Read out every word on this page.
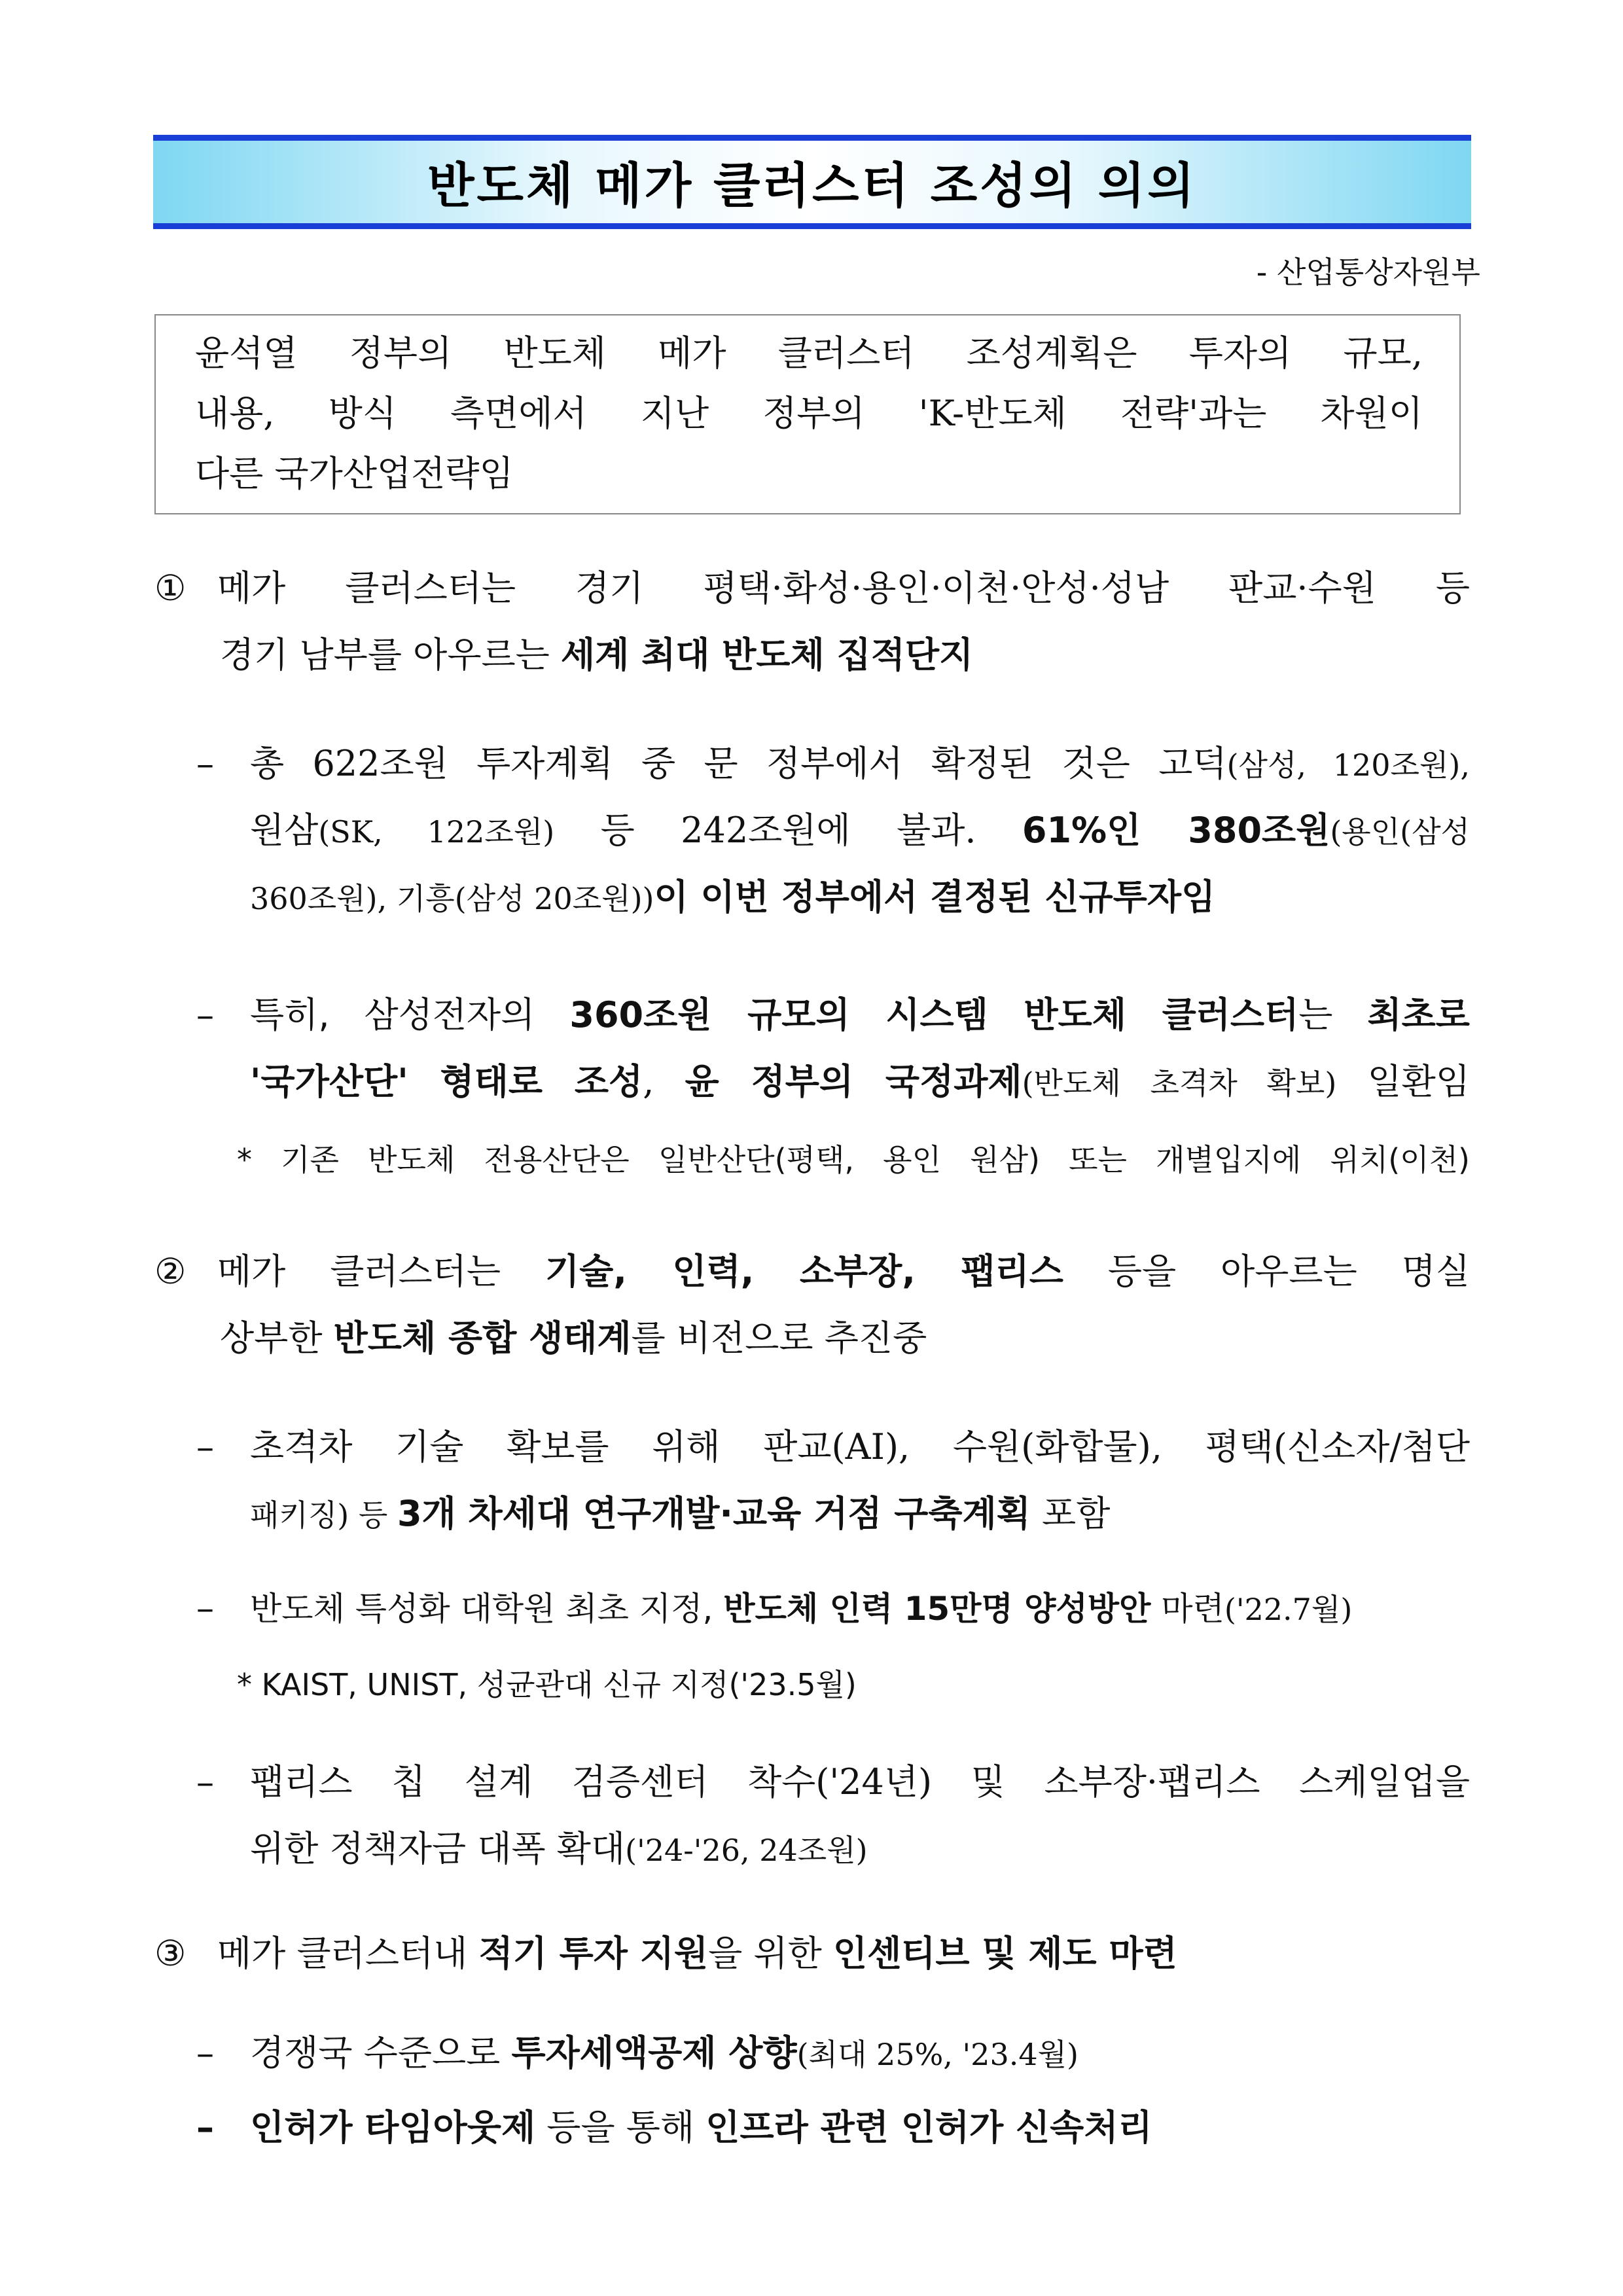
반도체 메가 클러스터 조성의 의의
- 산업통상자원부
윤석열 정부의 반도체 메가 클러스터 조성계획은 투자의 규모,
내용, 방식 측면에서 지난 정부의 'K-반도체 전략'과는 차원이
다른 국가산업전략임
① 메가 클러스터는 경기 평택·화성·용인·이천·안성·성남 판교·수원 등
경기 남부를 아우르는 세계 최대 반도체 집적단지
– 총 622조원 투자계획 중 문 정부에서 확정된 것은 고덕(삼성, 120조원),
원삼(SK, 122조원) 등 242조원에 불과. 61%인 380조원(용인(삼성
360조원), 기흥(삼성 20조원))이 이번 정부에서 결정된 신규투자임
– 특히, 삼성전자의 360조원 규모의 시스템 반도체 클러스터는 최초로
'국가산단' 형태로 조성, 윤 정부의 국정과제(반도체 초격차 확보) 일환임
* 기존 반도체 전용산단은 일반산단(평택, 용인 원삼) 또는 개별입지에 위치(이천)
② 메가 클러스터는 기술, 인력, 소부장, 팹리스 등을 아우르는 명실
상부한 반도체 종합 생태계를 비전으로 추진중
– 초격차 기술 확보를 위해 판교(AI), 수원(화합물), 평택(신소자/첨단
패키징) 등 3개 차세대 연구개발·교육 거점 구축계획 포함
– 반도체 특성화 대학원 최초 지정, 반도체 인력 15만명 양성방안 마련('22.7월)
* KAIST, UNIST, 성균관대 신규 지정('23.5월)
– 팹리스 칩 설계 검증센터 착수('24년) 및 소부장·팹리스 스케일업을
위한 정책자금 대폭 확대('24-'26, 24조원)
③ 메가 클러스터내 적기 투자 지원을 위한 인센티브 및 제도 마련
– 경쟁국 수준으로 투자세액공제 상향(최대 25%, '23.4월)
– 인허가 타임아웃제 등을 통해 인프라 관련 인허가 신속처리
